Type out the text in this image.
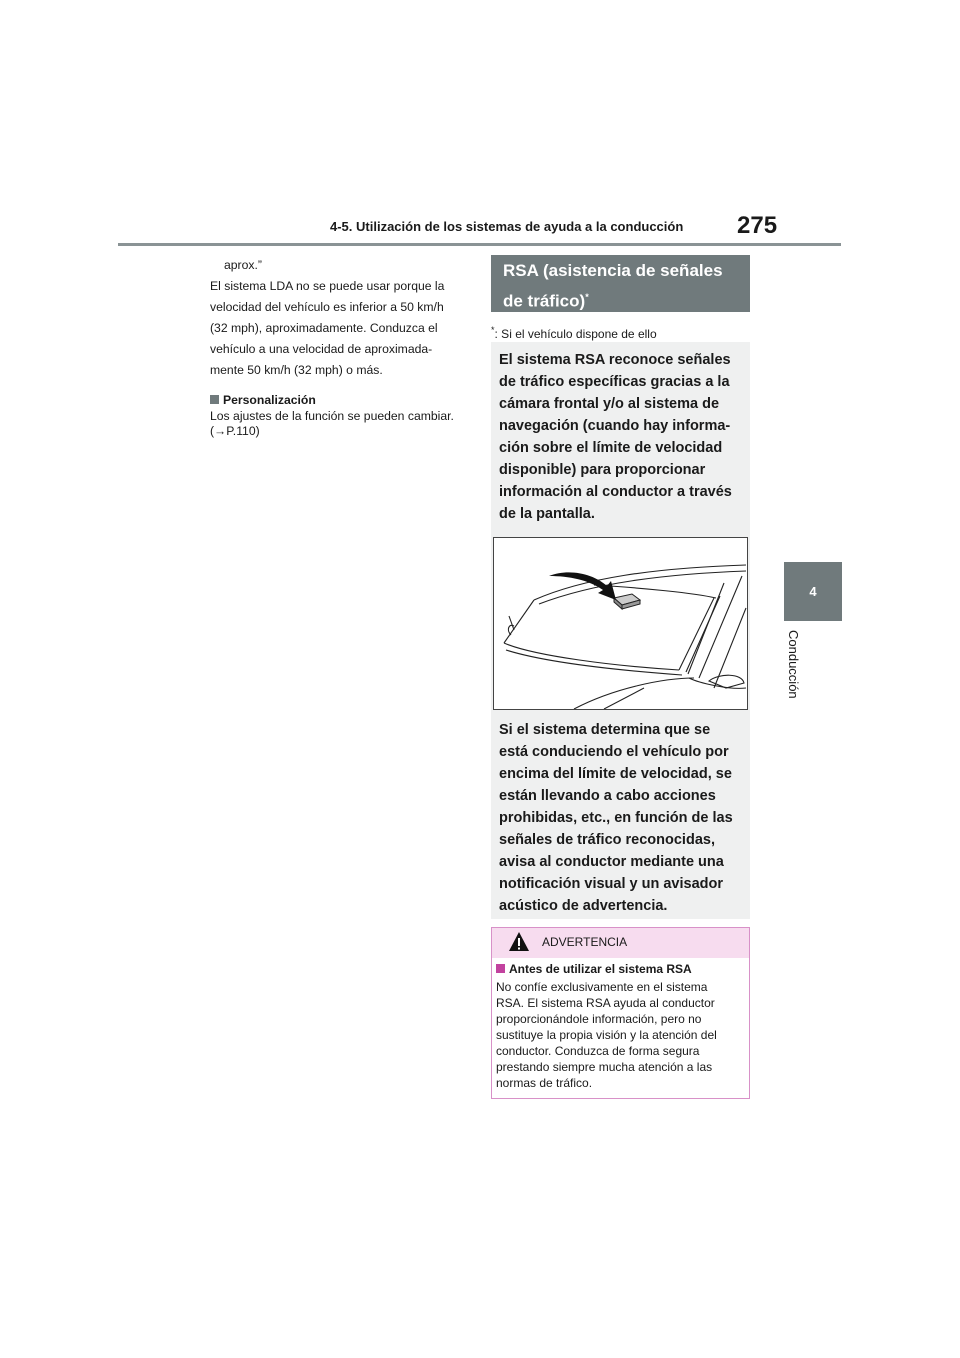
4-5. Utilización de los sistemas de ayuda a la conducción 275
4
Conducción

aprox.”

El sistema LDA no se puede usar porque la

velocidad del vehículo es inferior a 50 km/h

(32 mph), aproximadamente. Conduzca el

vehículo a una velocidad de aproximada-

mente 50 km/h (32 mph) o más.

Personalización

Los ajustes de la función se pueden cambiar.

(→P.110)

RSA (asistencia de señales
de tráfico)*
*: Si el vehículo dispone de ello
El sistema RSA reconoce señales
de tráfico específicas gracias a la
cámara frontal y/o al sistema de
navegación (cuando hay informa-
ción sobre el límite de velocidad
disponible) para proporcionar
información al conductor a través
de la pantalla.
Si el sistema determina que se
está conduciendo el vehículo por
encima del límite de velocidad, se
están llevando a cabo acciones
prohibidas, etc., en función de las
señales de tráfico reconocidas,
avisa al conductor mediante una
notificación visual y un avisador
acústico de advertencia.
ADVERTENCIA
Antes de utilizar el sistema RSA
No confíe exclusivamente en el sistema
RSA. El sistema RSA ayuda al conductor
proporcionándole información, pero no
sustituye la propia visión y la atención del
conductor. Conduzca de forma segura
prestando siempre mucha atención a las
normas de tráfico.
